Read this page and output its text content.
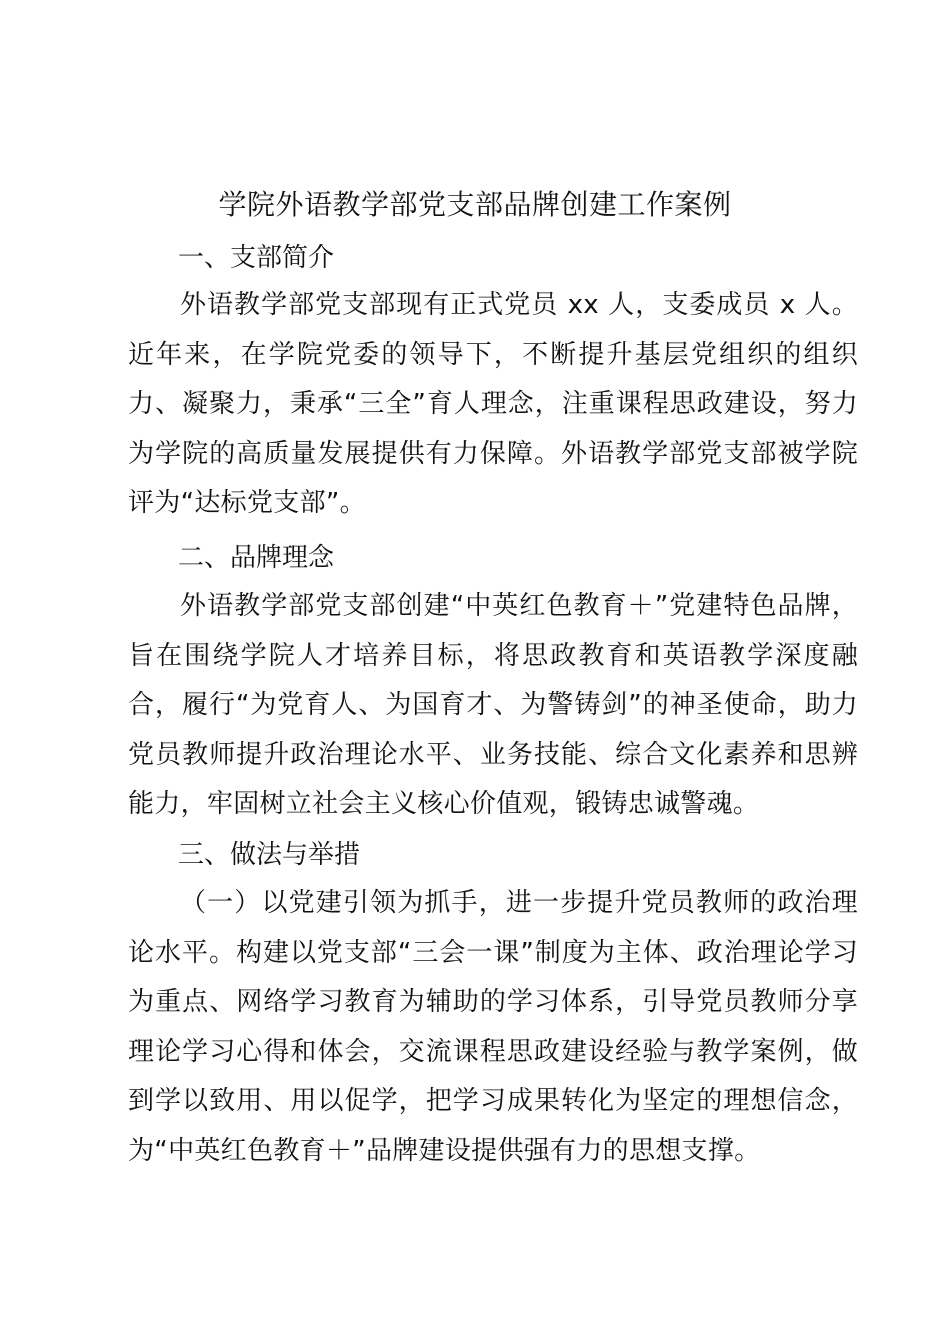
学院外语教学部党支部品牌创建工作案例
一、支部简介
外语教学部党支部现有正式党员 xx 人，支委成员 x 人。近年来，在学院党委的领导下，不断提升基层党组织的组织力、凝聚力，秉承“三全”育人理念，注重课程思政建设，努力为学院的高质量发展提供有力保障。外语教学部党支部被学院评为“达标党支部”。
二、品牌理念
外语教学部党支部创建“中英红色教育＋”党建特色品牌，旨在围绕学院人才培养目标，将思政教育和英语教学深度融合，履行“为党育人、为国育才、为警铸剑”的神圣使命，助力党员教师提升政治理论水平、业务技能、综合文化素养和思辨能力，牢固树立社会主义核心价值观，锻铸忠诚警魂。
三、做法与举措
（一）以党建引领为抓手，进一步提升党员教师的政治理论水平。构建以党支部“三会一课”制度为主体、政治理论学习为重点、网络学习教育为辅助的学习体系，引导党员教师分享理论学习心得和体会，交流课程思政建设经验与教学案例，做到学以致用、用以促学，把学习成果转化为坚定的理想信念，为“中英红色教育＋”品牌建设提供强有力的思想支撑。
